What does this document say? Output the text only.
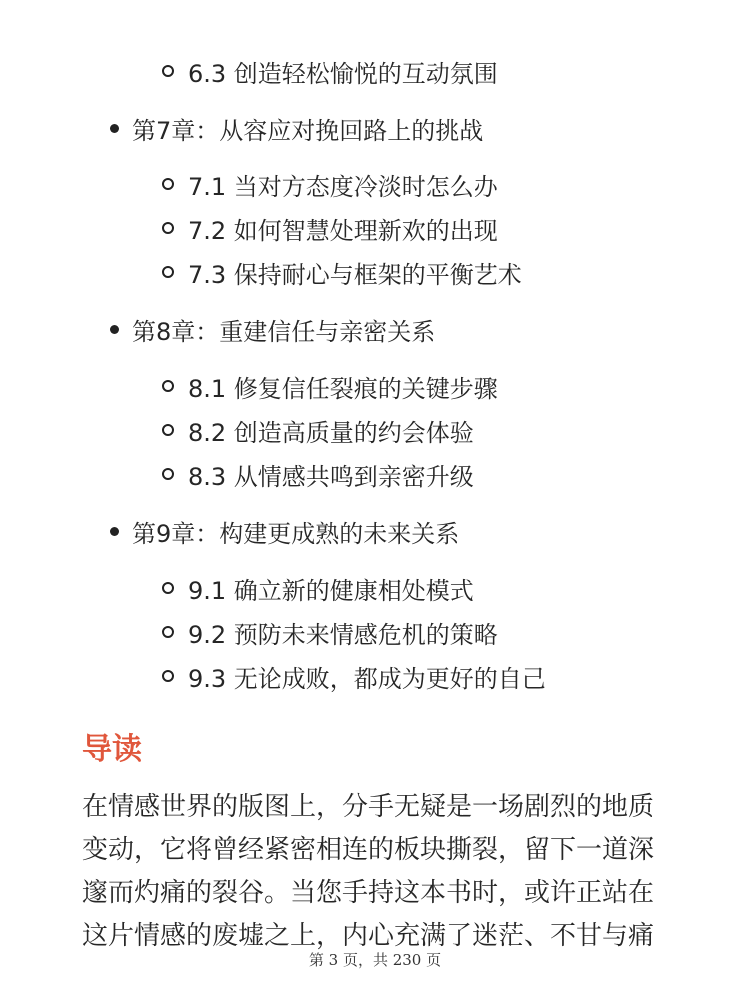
6.3 创造轻松愉悦的互动氛围
第7章：从容应对挽回路上的挑战
7.1 当对方态度冷淡时怎么办
7.2 如何智慧处理新欢的出现
7.3 保持耐心与框架的平衡艺术
第8章：重建信任与亲密关系
8.1 修复信任裂痕的关键步骤
8.2 创造高质量的约会体验
8.3 从情感共鸣到亲密升级
第9章：构建更成熟的未来关系
9.1 确立新的健康相处模式
9.2 预防未来情感危机的策略
9.3 无论成败，都成为更好的自己
导读
在情感世界的版图上，分手无疑是一场剧烈的地质
变动，它将曾经紧密相连的板块撕裂，留下一道深
邃而灼痛的裂谷。当您手持这本书时，或许正站在
这片情感的废墟之上，内心充满了迷茫、不甘与痛
第 3 页，共 230 页
